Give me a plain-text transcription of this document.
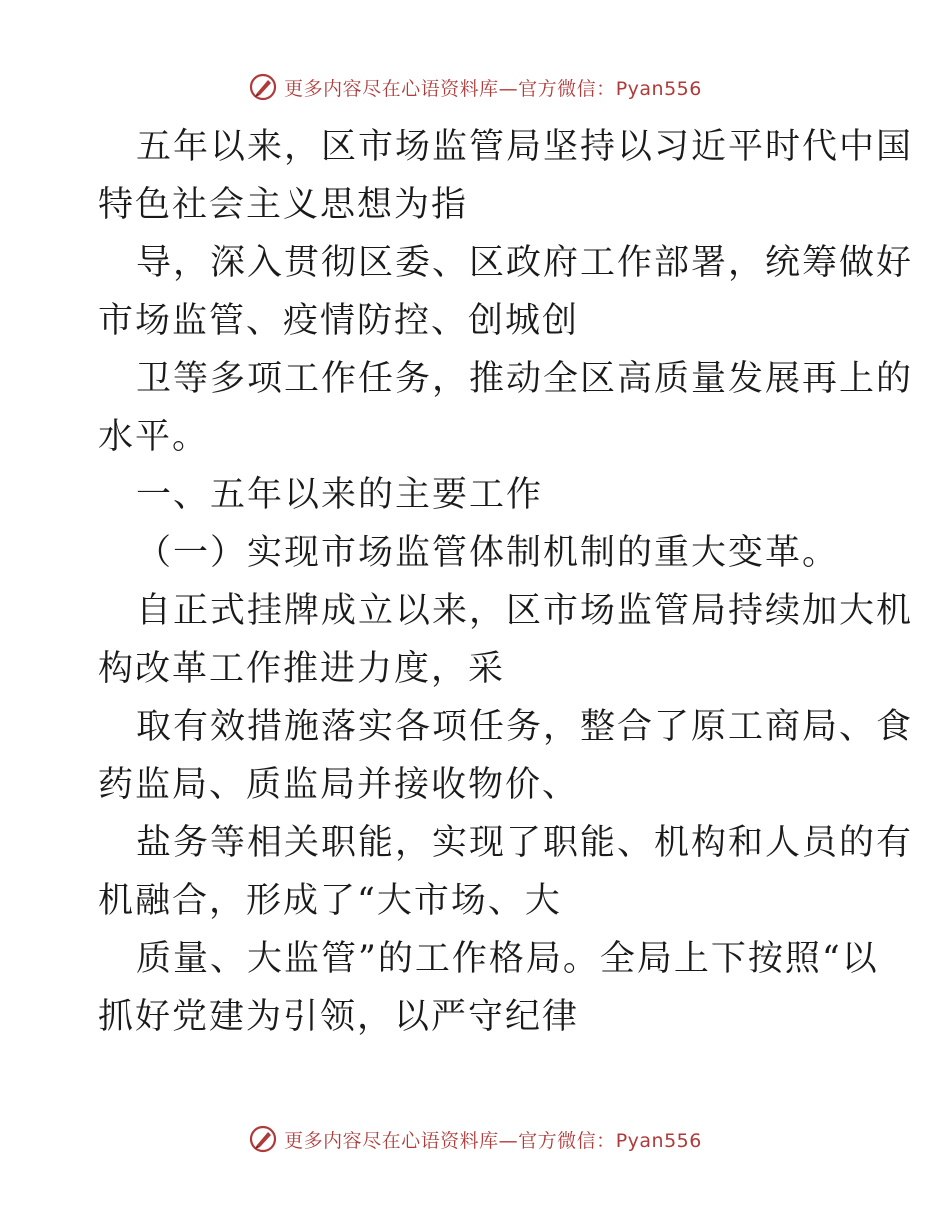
更多内容尽在心语资料库—官方微信：Pyan556
五年以来，区市场监管局坚持以习近平时代中国
特色社会主义思想为指
导，深入贯彻区委、区政府工作部署，统筹做好
市场监管、疫情防控、创城创
卫等多项工作任务，推动全区高质量发展再上的
水平。
一、五年以来的主要工作
（一）实现市场监管体制机制的重大变革。
自正式挂牌成立以来，区市场监管局持续加大机
构改革工作推进力度，采
取有效措施落实各项任务，整合了原工商局、食
药监局、质监局并接收物价、
盐务等相关职能，实现了职能、机构和人员的有
机融合，形成了“大市场、大
质量、大监管”的工作格局。全局上下按照“以
抓好党建为引领，以严守纪律
更多内容尽在心语资料库—官方微信：Pyan556
